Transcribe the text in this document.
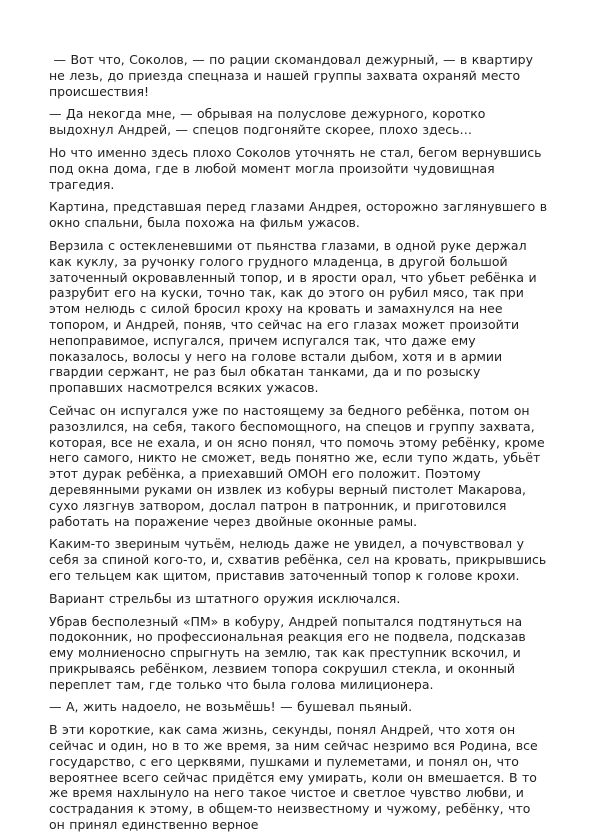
— Вот что, Соколов, — по рации скомандовал дежурный, — в квартиру не лезь, до приезда спецназа и нашей группы захвата охраняй место происшествия!

— Да некогда мне, — обрывая на полуслове дежурного, коротко выдохнул Андрей, — спецов подгоняйте скорее, плохо здесь…

Но что именно здесь плохо Соколов уточнять не стал, бегом вернувшись под окна дома, где в любой момент могла произойти чудовищная трагедия.

Картина, представшая перед глазами Андрея, осторожно заглянувшего в окно спальни, была похожа на фильм ужасов.

Верзила с остекленевшими от пьянства глазами, в одной руке держал как куклу, за ручонку голого грудного младенца, в другой большой заточенный окровавленный топор, и в ярости орал, что убьет ребёнка и разрубит его на куски, точно так, как до этого он рубил мясо, так при этом нелюдь с силой бросил кроху на кровать и замахнулся на нее топором, и Андрей, поняв, что сейчас на его глазах может произойти непоправимое, испугался, причем испугался так, что даже ему показалось, волосы у него на голове встали дыбом, хотя и в армии гвардии сержант, не раз был обкатан танками, да и по розыску пропавших насмотрелся всяких ужасов.

Сейчас он испугался уже по настоящему за бедного ребёнка, потом он разозлился, на себя, такого беспомощного, на спецов и группу захвата, которая, все не ехала, и он ясно понял, что помочь этому ребёнку, кроме него самого, никто не сможет, ведь понятно же, если тупо ждать, убьёт этот дурак ребёнка, а приехавший ОМОН его положит. Поэтому деревянными руками он извлек из кобуры верный пистолет Макарова, сухо лязгнув затвором, дослал патрон в патронник, и приготовился работать на поражение через двойные оконные рамы.

Каким-то звериным чутьём, нелюдь даже не увидел, а почувствовал у себя за спиной кого-то, и, схватив ребёнка, сел на кровать, прикрывшись его тельцем как щитом, приставив заточенный топор к голове крохи.

Вариант стрельбы из штатного оружия исключался.

Убрав бесполезный «ПМ» в кобуру, Андрей попытался подтянуться на подоконник, но профессиональная реакция его не подвела, подсказав ему молниеносно спрыгнуть на землю, так как преступник вскочил, и прикрываясь ребёнком, лезвием топора сокрушил стекла, и оконный переплет там, где только что была голова милиционера.

— А, жить надоело, не возьмёшь! — бушевал пьяный.

В эти короткие, как сама жизнь, секунды, понял Андрей, что хотя он сейчас и один, но в то же время, за ним сейчас незримо вся Родина, все государство, с его церквями, пушками и пулеметами, и понял он, что вероятнее всего сейчас придётся ему умирать, коли он вмешается. В то же время нахлынуло на него такое чистое и светлое чувство любви, и сострадания к этому, в общем-то неизвестному и чужому, ребёнку, что он принял единственно верное
